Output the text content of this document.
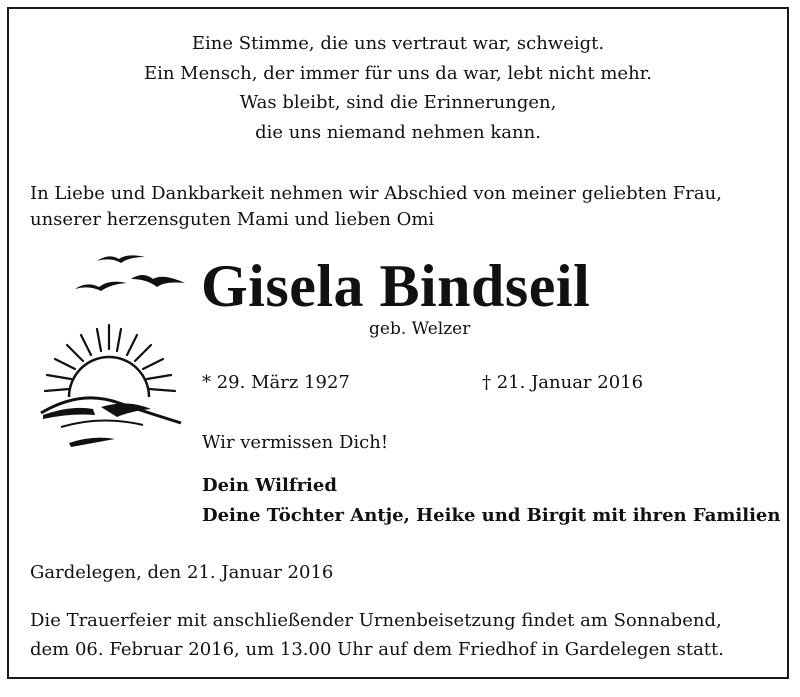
Eine Stimme, die uns vertraut war, schweigt.
Ein Mensch, der immer für uns da war, lebt nicht mehr.
Was bleibt, sind die Erinnerungen,
die uns niemand nehmen kann.
In Liebe und Dankbarkeit nehmen wir Abschied von meiner geliebten Frau,
unserer herzensguten Mami und lieben Omi
Gisela Bindseil
geb. Welzer
* 29. März 1927	† 21. Januar 2016
Wir vermissen Dich!
Dein Wilfried
Deine Töchter Antje, Heike und Birgit mit ihren Familien
Gardelegen, den 21. Januar 2016
Die Trauerfeier mit anschließender Urnenbeisetzung findet am Sonnabend,
dem 06. Februar 2016, um 13.00 Uhr auf dem Friedhof in Gardelegen statt.
